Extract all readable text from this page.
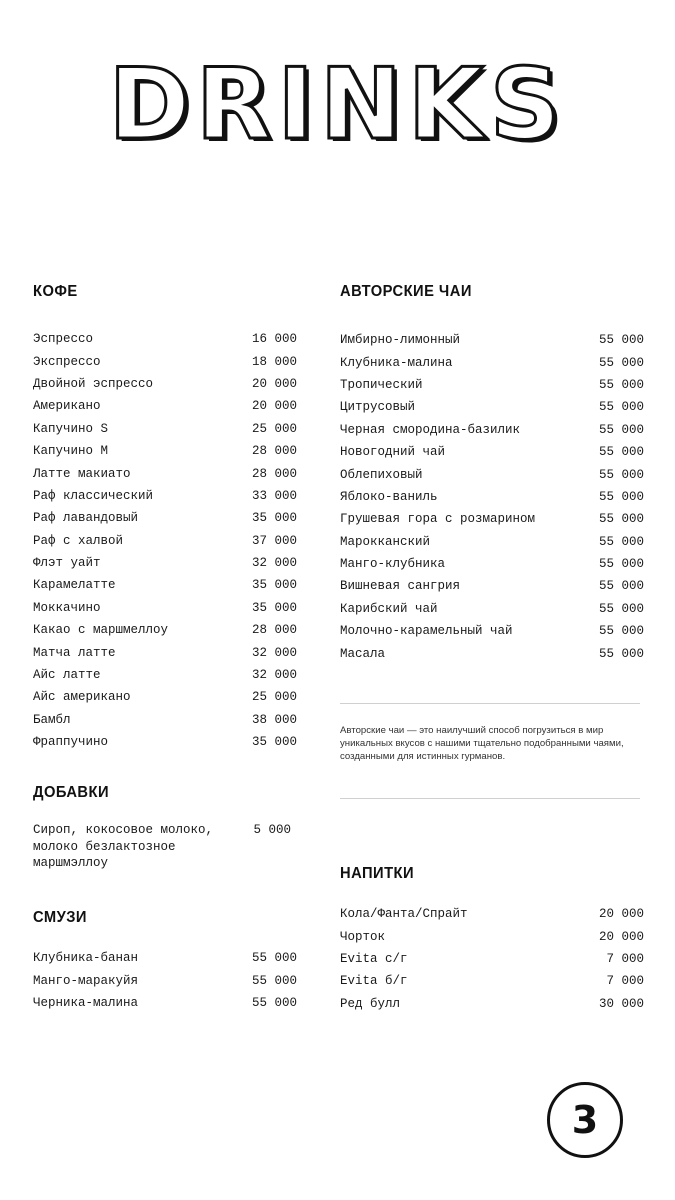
DRINKS
КОФЕ
Эспрессо	16 000
Экспрессо	18 000
Двойной эспрессо	20 000
Американо	20 000
Капучино S	25 000
Капучино M	28 000
Латте макиато	28 000
Раф классический	33 000
Раф лавандовый	35 000
Раф с халвой	37 000
Флэт уайт	32 000
Карамелатте	35 000
Моккачино	35 000
Какао с маршмеллоу	28 000
Матча латте	32 000
Айс латте	32 000
Айс американо	25 000
Бамбл	38 000
Фраппучино	35 000
ДОБАВКИ
Сироп, кокосовое молоко, молоко безлактозное маршмэллоу
5 000
СМУЗИ
Клубника-банан	55 000
Манго-маракуйя	55 000
Черника-малина	55 000
АВТОРСКИЕ ЧАИ
Имбирно-лимонный	55 000
Клубника-малина	55 000
Тропический	55 000
Цитрусовый	55 000
Черная смородина-базилик	55 000
Новогодний чай	55 000
Облепиховый	55 000
Яблоко-ваниль	55 000
Грушевая гора с розмарином	55 000
Марокканский	55 000
Манго-клубника	55 000
Вишневая сангрия	55 000
Карибский чай	55 000
Молочно-карамельный чай	55 000
Масала	55 000

Авторские чаи — это наилучший способ погрузиться в мир уникальных вкусов с нашими тщательно подобранными чаями, созданными для истинных гурманов.

НАПИТКИ
Кола/Фанта/Спрайт	20 000
Чорток	20 000
Evita с/г	7 000
Evita б/г	7 000
Ред булл	30 000
3
